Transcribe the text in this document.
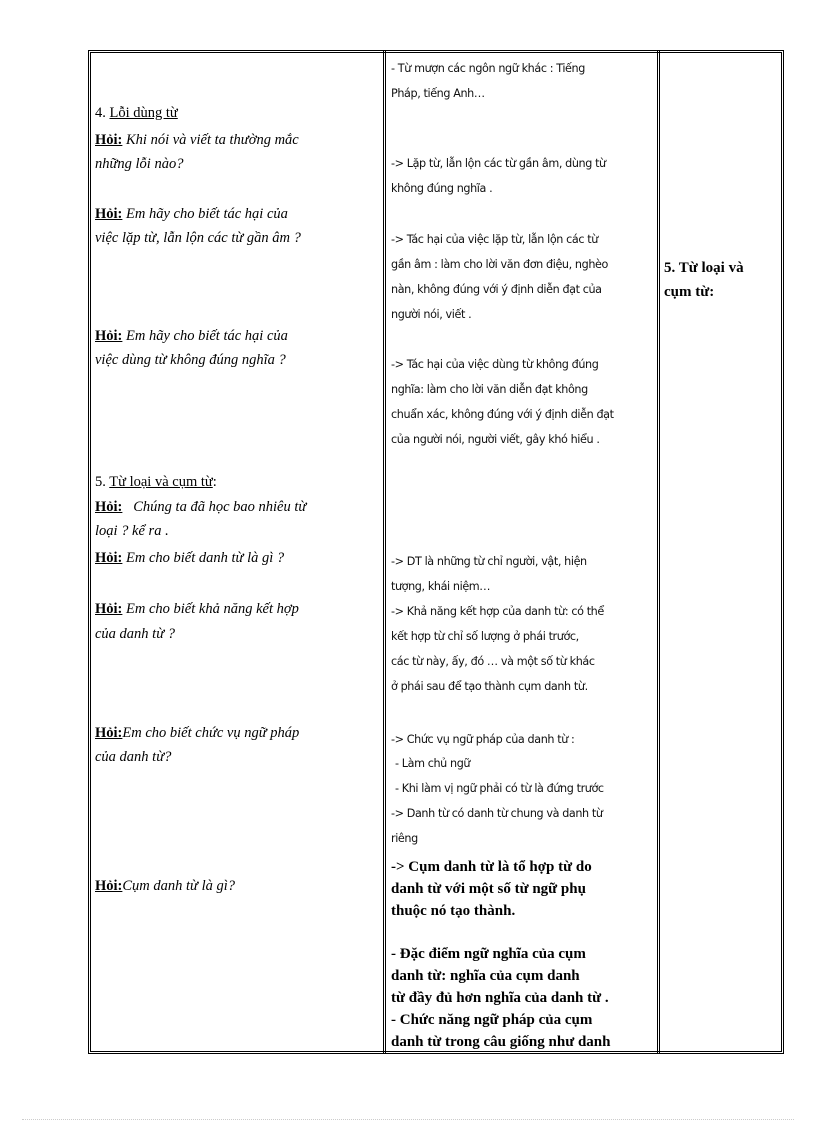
4. Lỗi dùng từ
Hỏi: Khi nói và viết ta thường mắc
những lỗi nào?
Hỏi: Em hãy cho biết tác hại của
việc lặp từ, lẫn lộn các từ gần âm ?
Hỏi: Em hãy cho biết tác hại của
việc dùng từ không đúng nghĩa ?
5. Từ loại và cụm từ:
Hỏi: Chúng ta đã học bao nhiêu từ
loại ? kể ra .
Hỏi: Em cho biết danh từ là gì ?
Hỏi: Em cho biết khả năng kết hợp
của danh từ ?
Hỏi:Em cho biết chức vụ ngữ pháp
của danh từ?
Hỏi:Cụm danh từ là gì?
- Từ mượn các ngôn ngữ khác : Tiếng
Pháp, tiếng Anh…
-> Lặp từ, lẫn lộn các từ gần âm, dùng từ
không đúng nghĩa .
-> Tác hại của việc lặp từ, lẫn lộn các từ
gần âm : làm cho lời văn đơn điệu, nghèo
nàn, không đúng với ý định diễn đạt của
người nói, viết .
-> Tác hại của việc dùng từ không đúng
nghĩa: làm cho lời văn diễn đạt không
chuẩn xác, không đúng với ý định diễn đạt
của người nói, người viết, gây khó hiểu .
-> DT là những từ chỉ người, vật, hiện
tượng, khái niệm…
-> Khả năng kết hợp của danh từ: có thể
kết hợp từ chỉ số lượng ở phái trước,
các từ này, ấy, đó … và một số từ khác
ở phái sau để tạo thành cụm danh từ.
-> Chức vụ ngữ pháp của danh từ :
- Làm chủ ngữ
- Khi làm vị ngữ phải có từ là đứng trước
-> Danh từ có danh từ chung và danh từ
riêng
-> Cụm danh từ là tổ hợp từ do
danh từ với một số từ ngữ phụ
thuộc nó tạo thành.
- Đặc điểm ngữ nghĩa của cụm
danh từ: nghĩa của cụm danh
từ đầy đủ hơn nghĩa của danh từ .
- Chức năng ngữ pháp của cụm
danh từ trong câu giống như danh
5. Từ loại và
cụm từ:
